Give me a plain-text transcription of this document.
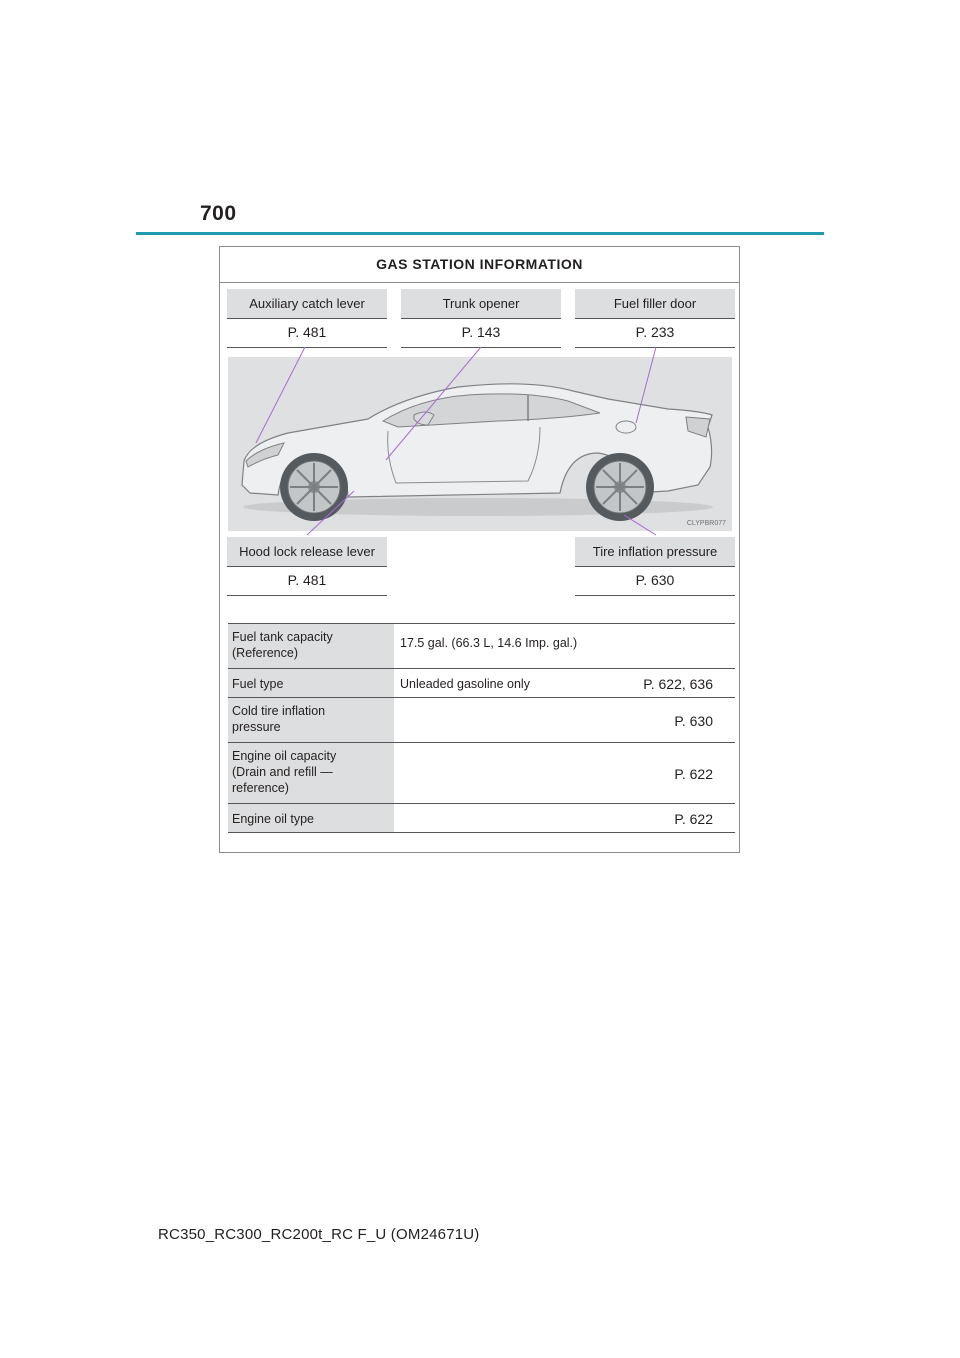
700
GAS STATION INFORMATION
Auxiliary catch lever
P. 481
Trunk opener
P. 143
Fuel filler door
P. 233
CLYPBR077
Hood lock release lever
P. 481
Tire inflation pressure
P. 630
Fuel tank capacity
(Reference)	17.5 gal. (66.3 L, 14.6 Imp. gal.)

Fuel type	Unleaded gasoline only P. 622, 636

Cold tire inflation
pressure	P. 630

Engine oil capacity
(Drain and refill —
reference)	P. 622

Engine oil type	P. 622
RC350_RC300_RC200t_RC F_U (OM24671U)
